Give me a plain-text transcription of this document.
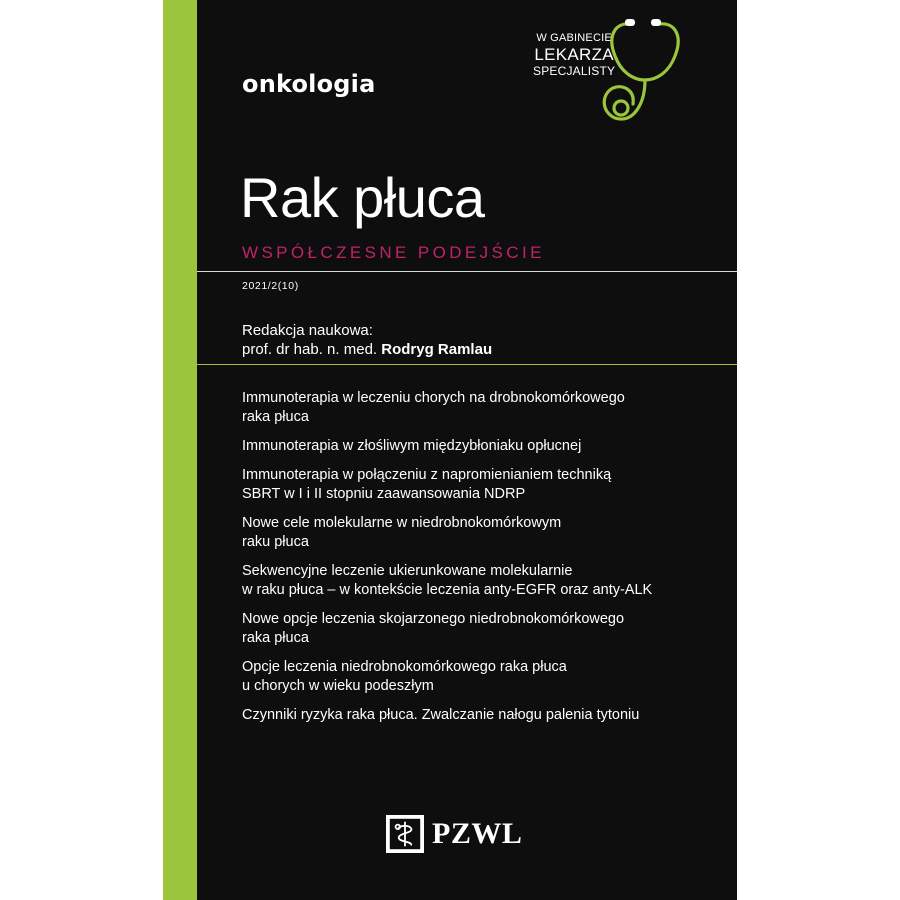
onkologia
W GABINECIE
LEKARZA
SPECJALISTY
Rak płuca
WSPÓŁCZESNE PODEJŚCIE
2021/2(10)
Redakcja naukowa:
prof. dr hab. n. med. Rodryg Ramlau
Immunoterapia w leczeniu chorych na drobnokomórkowego
raka płuca
Immunoterapia w złośliwym międzybłoniaku opłucnej
Immunoterapia w połączeniu z napromienianiem techniką
SBRT w I i II stopniu zaawansowania NDRP
Nowe cele molekularne w niedrobnokomórkowym
raku płuca
Sekwencyjne leczenie ukierunkowane molekularnie
w raku płuca – w kontekście leczenia anty-EGFR oraz anty-ALK
Nowe opcje leczenia skojarzonego niedrobnokomórkowego
raka płuca
Opcje leczenia niedrobnokomórkowego raka płuca
u chorych w wieku podeszłym
Czynniki ryzyka raka płuca. Zwalczanie nałogu palenia tytoniu
PZWL
